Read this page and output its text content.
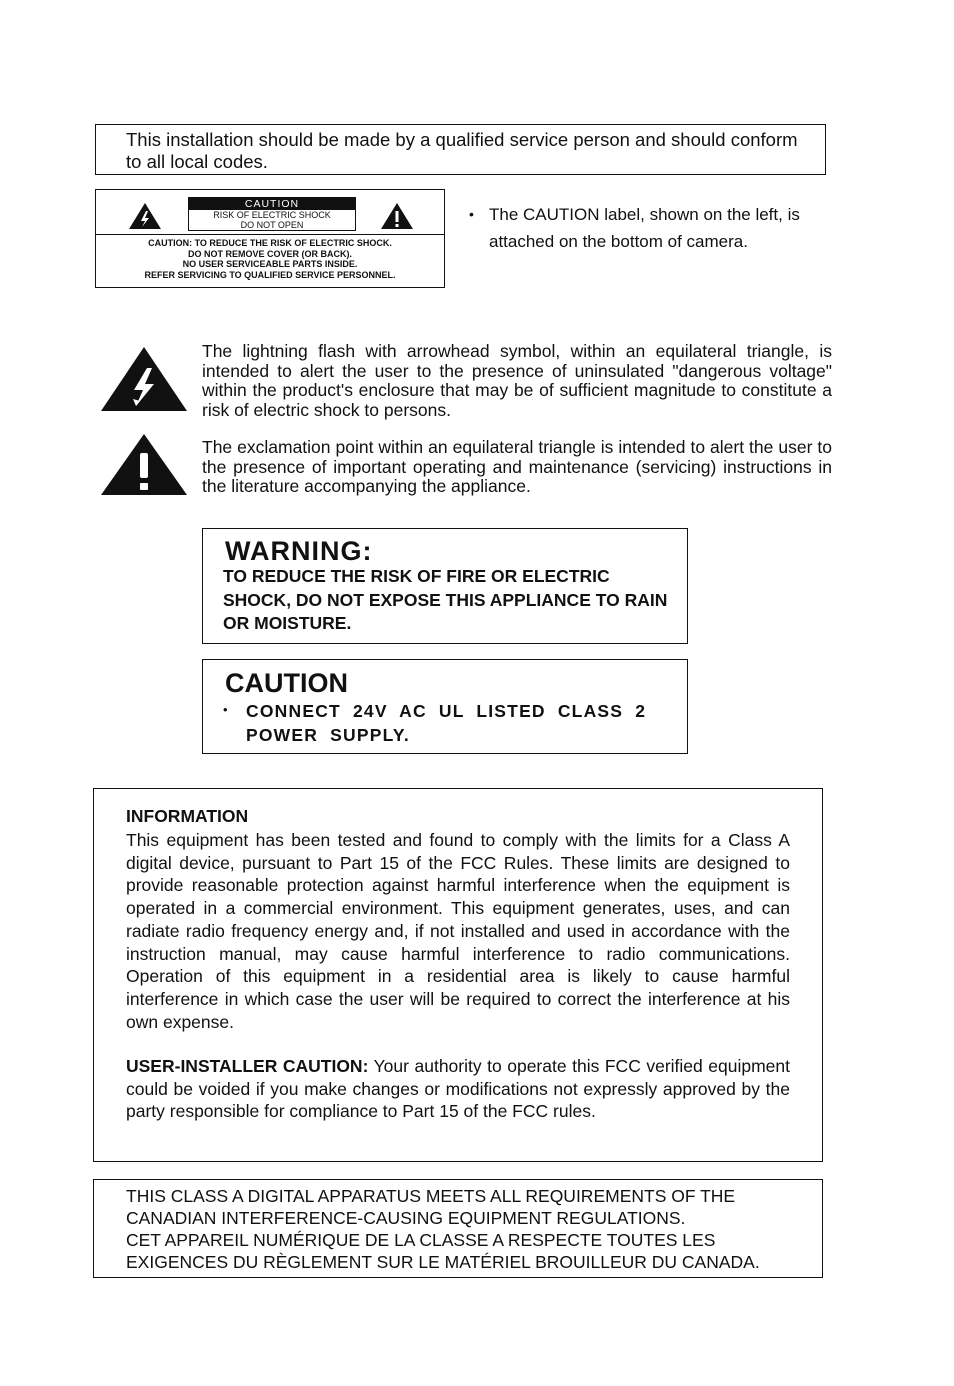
This installation should be made by a qualified service person and should conform to all local codes.
CAUTION
RISK OF ELECTRIC SHOCK
DO NOT OPEN
CAUTION: TO REDUCE THE RISK OF ELECTRIC SHOCK.
DO NOT REMOVE COVER (OR BACK).
NO USER SERVICEABLE PARTS INSIDE.
REFER SERVICING TO QUALIFIED SERVICE PERSONNEL.
• The CAUTION label, shown on the left, is attached on the bottom of camera.
The lightning flash with arrowhead symbol, within an equilateral triangle, is intended to alert the user to the presence of uninsulated "dangerous voltage" within the product's enclosure that may be of sufficient magnitude to constitute a risk of electric shock to persons.
The exclamation point within an equilateral triangle is intended to alert the user to the presence of important operating and maintenance (servicing) instructions in the literature accompanying the appliance.
WARNING:
TO REDUCE THE RISK OF FIRE OR ELECTRIC SHOCK, DO NOT EXPOSE THIS APPLIANCE TO RAIN OR MOISTURE.
CAUTION
• CONNECT 24V AC UL LISTED CLASS 2 POWER SUPPLY.
INFORMATION
This equipment has been tested and found to comply with the limits for a Class A digital device, pursuant to Part 15 of the FCC Rules. These limits are designed to provide reasonable protection against harmful interference when the equipment is operated in a commercial environment. This equipment generates, uses, and can radiate radio frequency energy and, if not installed and used in accordance with the instruction manual, may cause harmful interference to radio communications. Operation of this equipment in a residential area is likely to cause harmful interference in which case the user will be required to correct the interference at his own expense.
USER-INSTALLER CAUTION: Your authority to operate this FCC verified equipment could be voided if you make changes or modifications not expressly approved by the party responsible for compliance to Part 15 of the FCC rules.
THIS CLASS A DIGITAL APPARATUS MEETS ALL REQUIREMENTS OF THE
CANADIAN INTERFERENCE-CAUSING EQUIPMENT REGULATIONS.
CET APPAREIL NUMÉRIQUE DE LA CLASSE A RESPECTE TOUTES LES
EXIGENCES DU RÈGLEMENT SUR LE MATÉRIEL BROUILLEUR DU CANADA.
